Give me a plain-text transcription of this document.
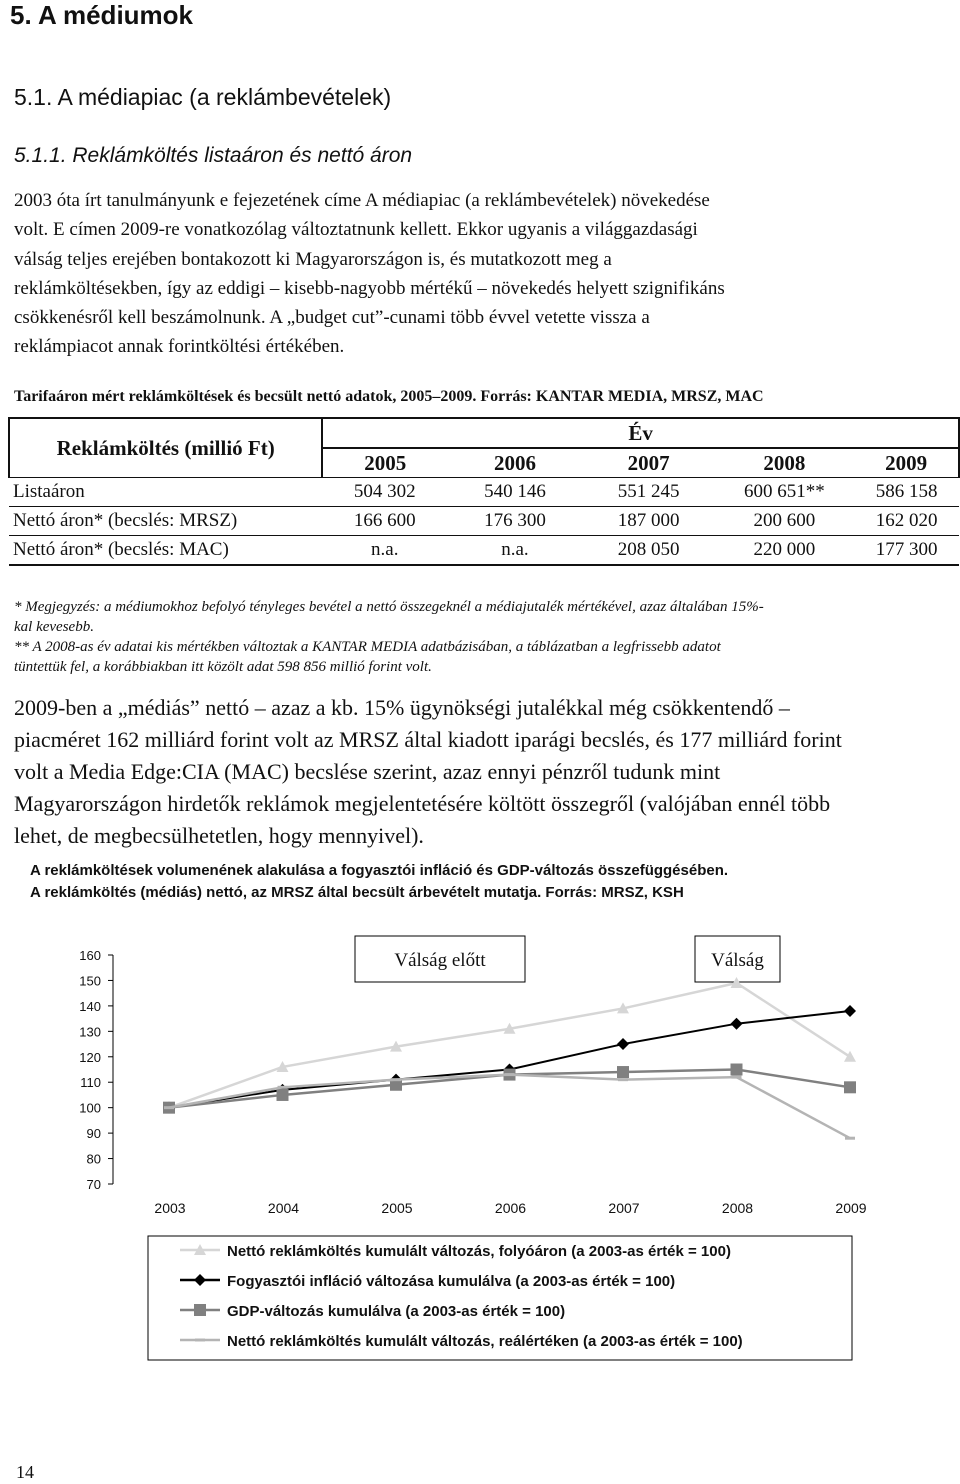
5. A médiumok
5.1. A médiapiac (a reklámbevételek)
5.1.1. Reklámköltés listaáron és nettó áron

2003 óta írt tanulmányunk e fejezetének címe A médiapiac (a reklámbevételek) növekedése

volt. E címen 2009-re vonatkozólag változtatnunk kellett. Ekkor ugyanis a világgazdasági

válság teljes erejében bontakozott ki Magyarországon is, és mutatkozott meg a

reklámköltésekben, így az eddigi – kisebb-nagyobb mértékű – növekedés helyett szignifikáns

csökkenésről kell beszámolnunk. A „budget cut”-cunami több évvel vetette vissza a

reklámpiacot annak forintköltési értékében.

Tarifaáron mért reklámköltések és becsült nettó adatok, 2005–2009. Forrás: KANTAR MEDIA, MRSZ, MAC
Reklámköltés (millió Ft)	Év				
	2005	2006	2007	2008	2009
Listaáron	504 302	540 146	551 245	600 651**	586 158
Nettó áron* (becslés: MRSZ)	166 600	176 300	187 000	200 600	162 020
Nettó áron* (becslés: MAC)	n.a.	n.a.	208 050	220 000	177 300

* Megjegyzés: a médiumokhoz befolyó tényleges bevétel a nettó összegeknél a médiajutalék mértékével, azaz általában 15%-

kal kevesebb.

** A 2008-as év adatai kis mértékben változtak a KANTAR MEDIA adatbázisában, a táblázatban a legfrissebb adatot

tüntettük fel, a korábbiakban itt közölt adat 598 856 millió forint volt.

2009-ben a „médiás” nettó – azaz a kb. 15% ügynökségi jutalékkal még csökkentendő –

piacméret 162 milliárd forint volt az MRSZ által kiadott iparági becslés, és 177 milliárd forint

volt a Media Edge:CIA (MAC) becslése szerint, azaz ennyi pénzről tudunk mint

Magyarországon hirdetők reklámok megjelentetésére költött összegről (valójában ennél több

lehet, de megbecsülhetetlen, hogy mennyivel).

A reklámköltések volumenének alakulása a fogyasztói infláció és GDP-változás összefüggésében.
A reklámköltés (médiás) nettó, az MRSZ által becsült árbevételt mutatja. Forrás: MRSZ, KSH
Válság előtt	Válság
160
150
140
130
120
110
100
90
80
70
2003	2004	2005	2006	2007	2008	2009
Nettó reklámköltés kumulált változás, folyóáron (a 2003-as érték = 100)
Fogyasztói infláció változása kumulálva (a 2003-as érték = 100)
GDP-változás kumulálva (a 2003-as érték = 100)
Nettó reklámköltés kumulált változás, reálértéken (a 2003-as érték = 100)
14
